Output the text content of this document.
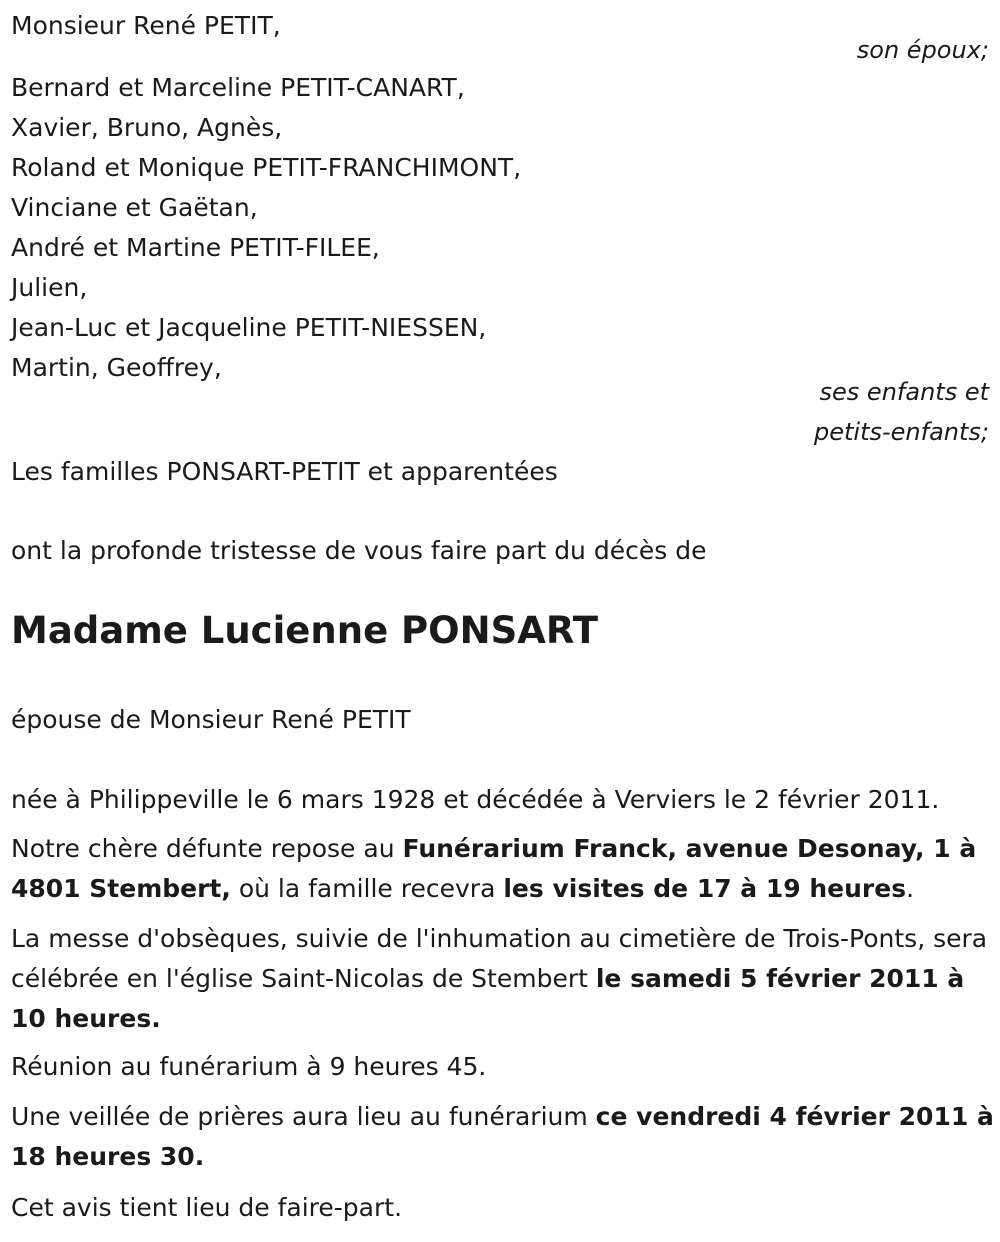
Monsieur René PETIT,

son époux;

Bernard et Marceline PETIT-CANART,

Xavier, Bruno, Agnès,

Roland et Monique PETIT-FRANCHIMONT,

Vinciane et Gaëtan,

André et Martine PETIT-FILEE,

Julien,

Jean-Luc et Jacqueline PETIT-NIESSEN,

Martin, Geoffrey,

ses enfants et
petits-enfants;

Les familles PONSART-PETIT et apparentées

ont la profonde tristesse de vous faire part du décès de

Madame Lucienne PONSART

épouse de Monsieur René PETIT

née à Philippeville le 6 mars 1928 et décédée à Verviers le 2 février 2011.

Notre chère défunte repose au Funérarium Franck, avenue Desonay, 1 à 4801 Stembert, où la famille recevra les visites de 17 à 19 heures.

La messe d'obsèques, suivie de l'inhumation au cimetière de Trois-Ponts, sera célébrée en l'église Saint-Nicolas de Stembert le samedi 5 février 2011 à 10 heures.

Réunion au funérarium à 9 heures 45.

Une veillée de prières aura lieu au funérarium ce vendredi 4 février 2011 à 18 heures 30.

Cet avis tient lieu de faire-part.
